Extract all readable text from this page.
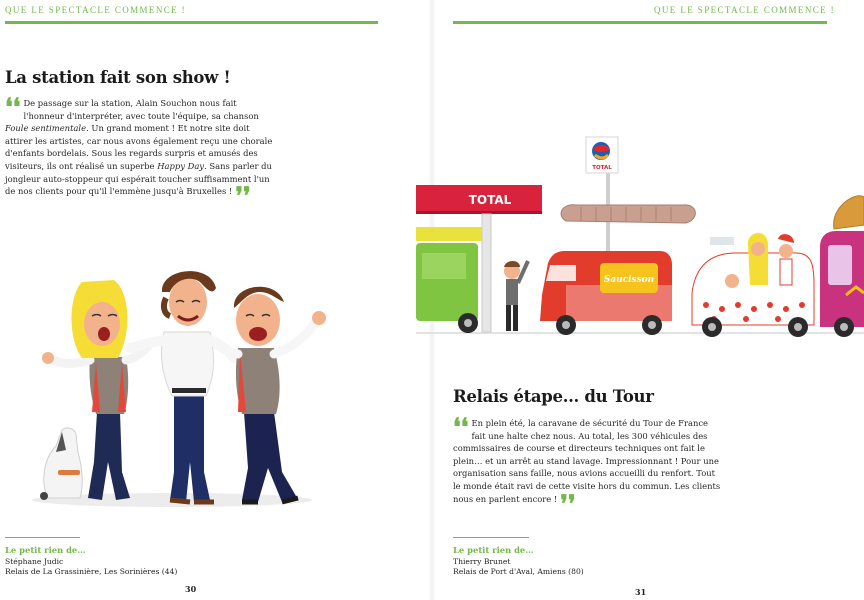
QUE LE SPECTACLE COMMENCE !
La station fait son show !

❛❛ De passage sur la station, Alain Souchon nous fait l'honneur d'interpréter, avec toute l'équipe, sa chanson Foule sentimentale. Un grand moment ! Et notre site doit attirer les artistes, car nous avons également reçu une chorale d'enfants bordelais. Sous les regards surpris et amusés des visiteurs, ils ont réalisé un superbe Happy Day. Sans parler du jongleur auto-stoppeur qui espérait toucher suffisamment l'un de nos clients pour qu'il l'emmène jusqu'à Bruxelles ! ❜❜

Le petit rien de…
Stéphane Judic
Relais de La Grassinière, Les Sorinières (44)
30
QUE LE SPECTACLE COMMENCE !
TOTAL
TOTAL
Saucisson
Relais étape… du Tour

❛❛ En plein été, la caravane de sécurité du Tour de France fait une halte chez nous. Au total, les 300 véhicules des commissaires de course et directeurs techniques ont fait le plein… et un arrêt au stand lavage. Impressionnant ! Pour une organisation sans faille, nous avions accueilli du renfort. Tout le monde était ravi de cette visite hors du commun. Les clients nous en parlent encore ! ❜❜

Le petit rien de…
Thierry Brunet
Relais de Port d'Aval, Amiens (80)
31
